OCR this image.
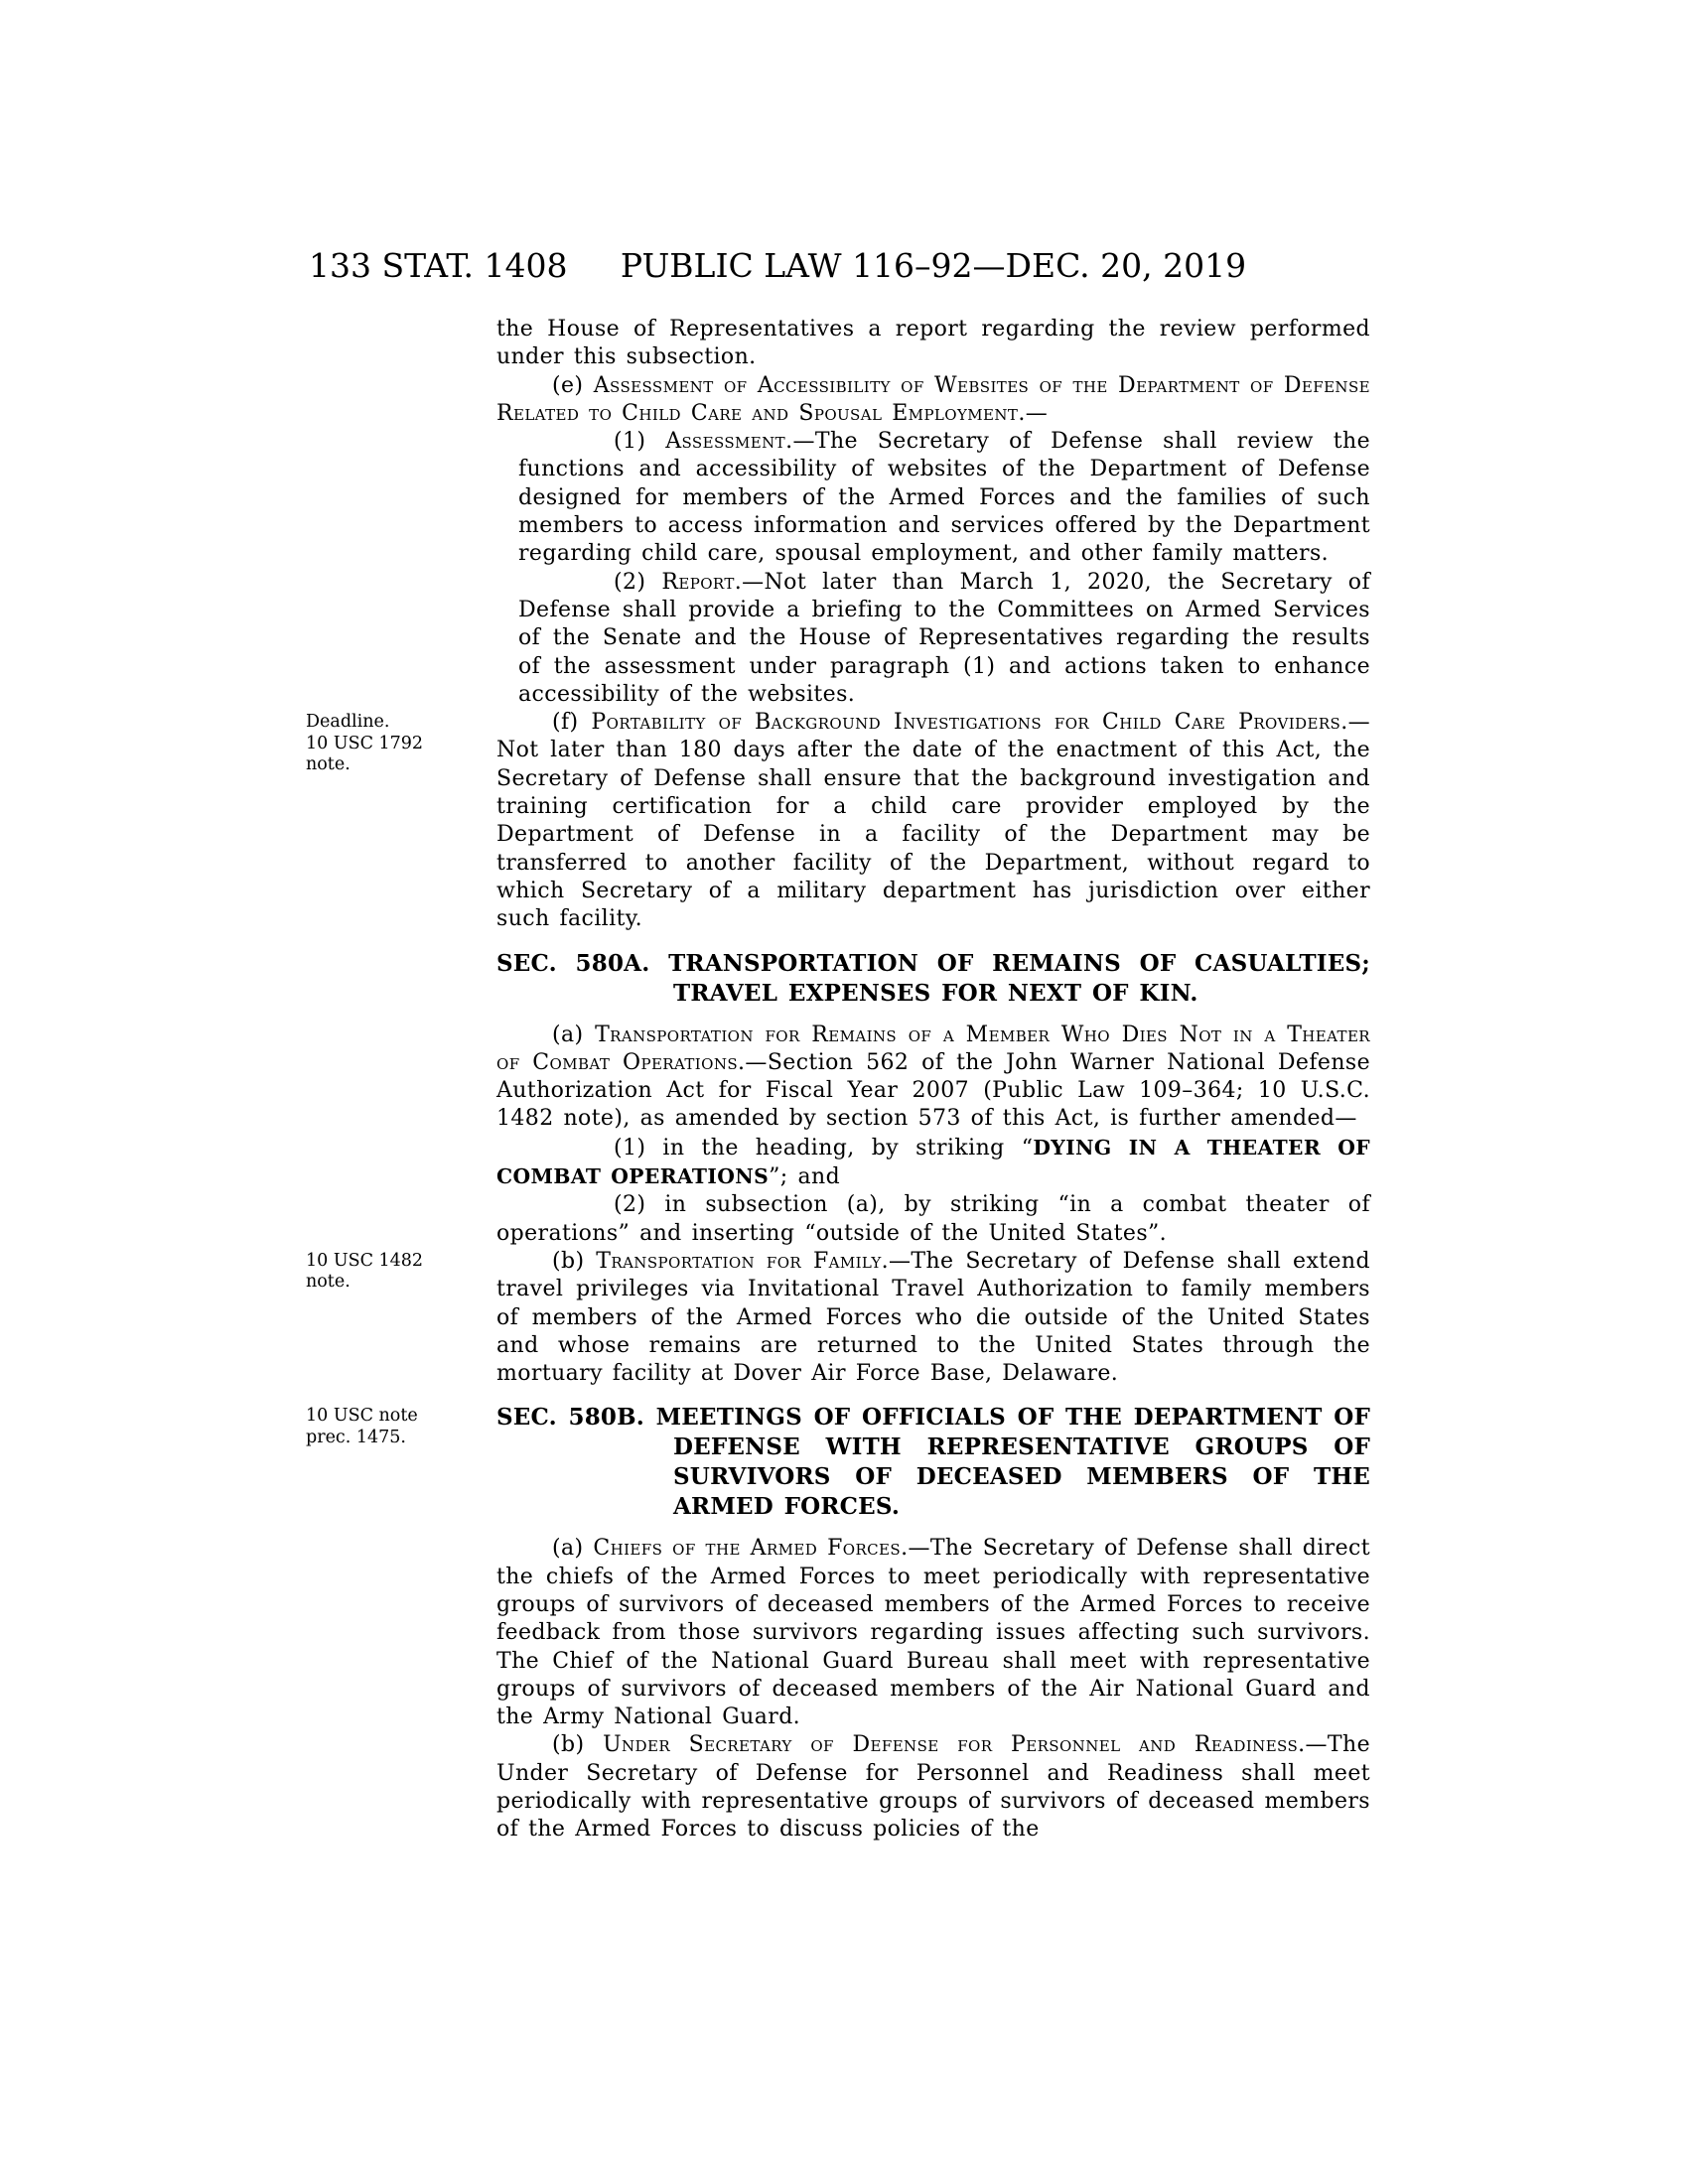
133 STAT. 1408	PUBLIC LAW 116–92—DEC. 20, 2019
the House of Representatives a report regarding the review performed under this subsection.
(e) Assessment of Accessibility of Websites of the Department of Defense Related to Child Care and Spousal Employment.—
(1) Assessment.—The Secretary of Defense shall review the functions and accessibility of websites of the Department of Defense designed for members of the Armed Forces and the families of such members to access information and services offered by the Department regarding child care, spousal employment, and other family matters.
(2) Report.—Not later than March 1, 2020, the Secretary of Defense shall provide a briefing to the Committees on Armed Services of the Senate and the House of Representatives regarding the results of the assessment under paragraph (1) and actions taken to enhance accessibility of the websites.
(f) Portability of Background Investigations for Child Care Providers.—Not later than 180 days after the date of the enactment of this Act, the Secretary of Defense shall ensure that the background investigation and training certification for a child care provider employed by the Department of Defense in a facility of the Department may be transferred to another facility of the Department, without regard to which Secretary of a military department has jurisdiction over either such facility.
Deadline.
10 USC 1792 note.
SEC. 580A. TRANSPORTATION OF REMAINS OF CASUALTIES; TRAVEL EXPENSES FOR NEXT OF KIN.
(a) Transportation for Remains of a Member Who Dies Not in a Theater of Combat Operations.—Section 562 of the John Warner National Defense Authorization Act for Fiscal Year 2007 (Public Law 109–364; 10 U.S.C. 1482 note), as amended by section 573 of this Act, is further amended—
(1) in the heading, by striking “DYING IN A THEATER OF COMBAT OPERATIONS”; and
(2) in subsection (a), by striking “in a combat theater of operations” and inserting “outside of the United States”.
(b) Transportation for Family.—The Secretary of Defense shall extend travel privileges via Invitational Travel Authorization to family members of members of the Armed Forces who die outside of the United States and whose remains are returned to the United States through the mortuary facility at Dover Air Force Base, Delaware.
10 USC 1482 note.
SEC. 580B. MEETINGS OF OFFICIALS OF THE DEPARTMENT OF DEFENSE WITH REPRESENTATIVE GROUPS OF SURVIVORS OF DECEASED MEMBERS OF THE ARMED FORCES.
10 USC note prec. 1475.
(a) Chiefs of the Armed Forces.—The Secretary of Defense shall direct the chiefs of the Armed Forces to meet periodically with representative groups of survivors of deceased members of the Armed Forces to receive feedback from those survivors regarding issues affecting such survivors. The Chief of the National Guard Bureau shall meet with representative groups of survivors of deceased members of the Air National Guard and the Army National Guard.
(b) Under Secretary of Defense for Personnel and Readiness.—The Under Secretary of Defense for Personnel and Readiness shall meet periodically with representative groups of survivors of deceased members of the Armed Forces to discuss policies of the
